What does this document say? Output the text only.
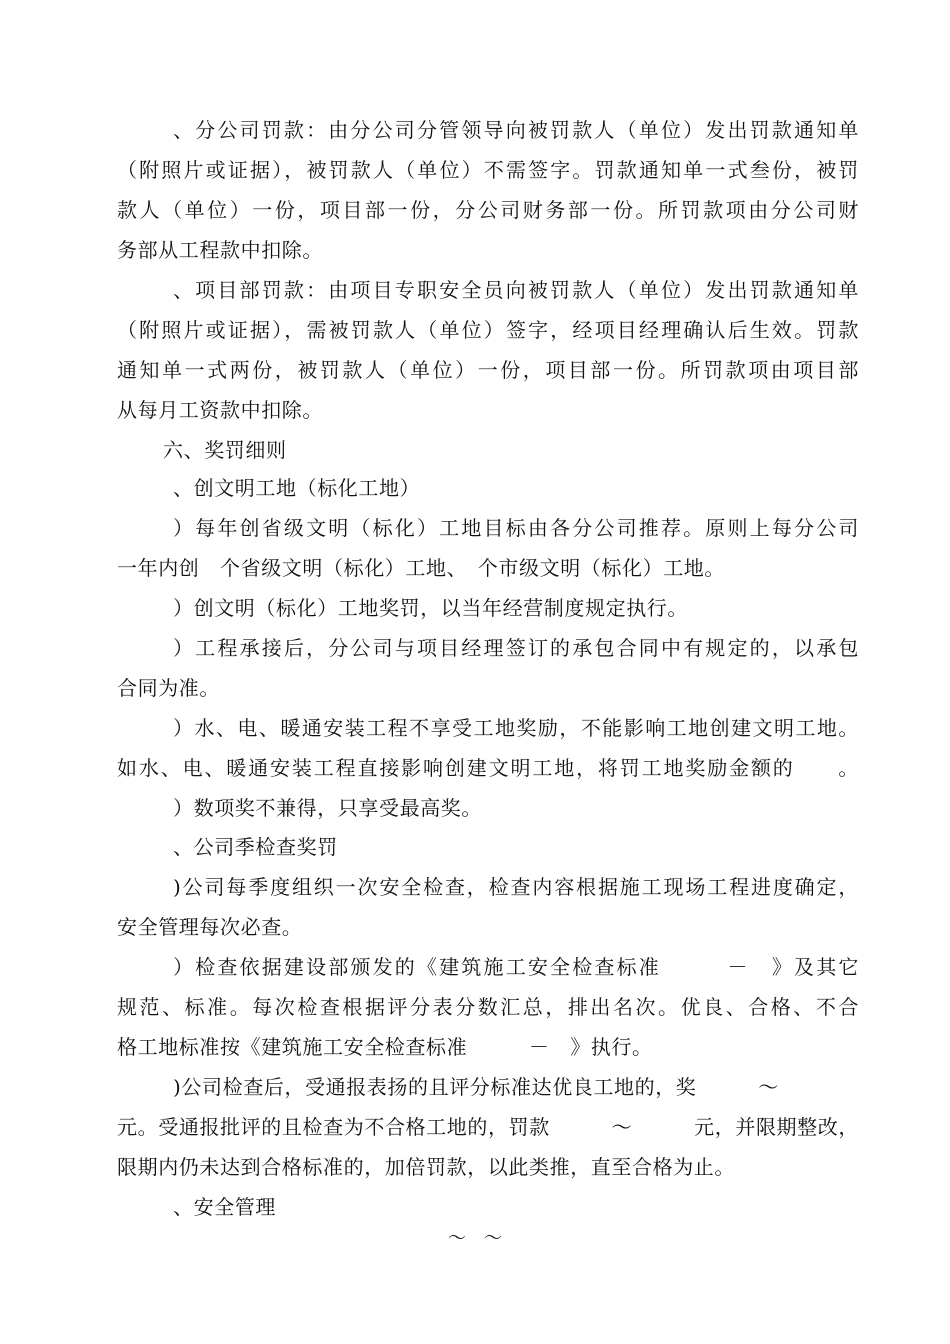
、分公司罚款：由分公司分管领导向被罚款人（单位）发出罚款通知单
（附照片或证据），被罚款人（单位）不需签字。罚款通知单一式叁份，被罚
款人（单位）一份，项目部一份，分公司财务部一份。所罚款项由分公司财
务部从工程款中扣除。
、项目部罚款：由项目专职安全员向被罚款人（单位）发出罚款通知单
（附照片或证据），需被罚款人（单位）签字，经项目经理确认后生效。罚款
通知单一式两份，被罚款人（单位）一份，项目部一份。所罚款项由项目部
从每月工资款中扣除。
六、奖罚细则
、创文明工地（标化工地）
）每年创省级文明（标化）工地目标由各分公司推荐。原则上每分公司
一年内创　个省级文明（标化）工地、　个市级文明（标化）工地。
）创文明（标化）工地奖罚，以当年经营制度规定执行。
）工程承接后，分公司与项目经理签订的承包合同中有规定的，以承包
合同为准。
）水、电、暖通安装工程不享受工地奖励，不能影响工地创建文明工地。
如水、电、暖通安装工程直接影响创建文明工地，将罚工地奖励金额的　　。
）数项奖不兼得，只享受最高奖。
、公司季检查奖罚
)公司每季度组织一次安全检查，检查内容根据施工现场工程进度确定，
安全管理每次必查。
）检查依据建设部颁发的《建筑施工安全检查标准　　　－　》及其它
规范、标准。每次检查根据评分表分数汇总，排出名次。优良、合格、不合
格工地标准按《建筑施工安全检查标准　　　－　》执行。
)公司检查后，受通报表扬的且评分标准达优良工地的，奖　　　～
元。受通报批评的且检查为不合格工地的，罚款　　　～　　　元，并限期整改，
限期内仍未达到合格标准的，加倍罚款，以此类推，直至合格为止。
、安全管理
～　～
